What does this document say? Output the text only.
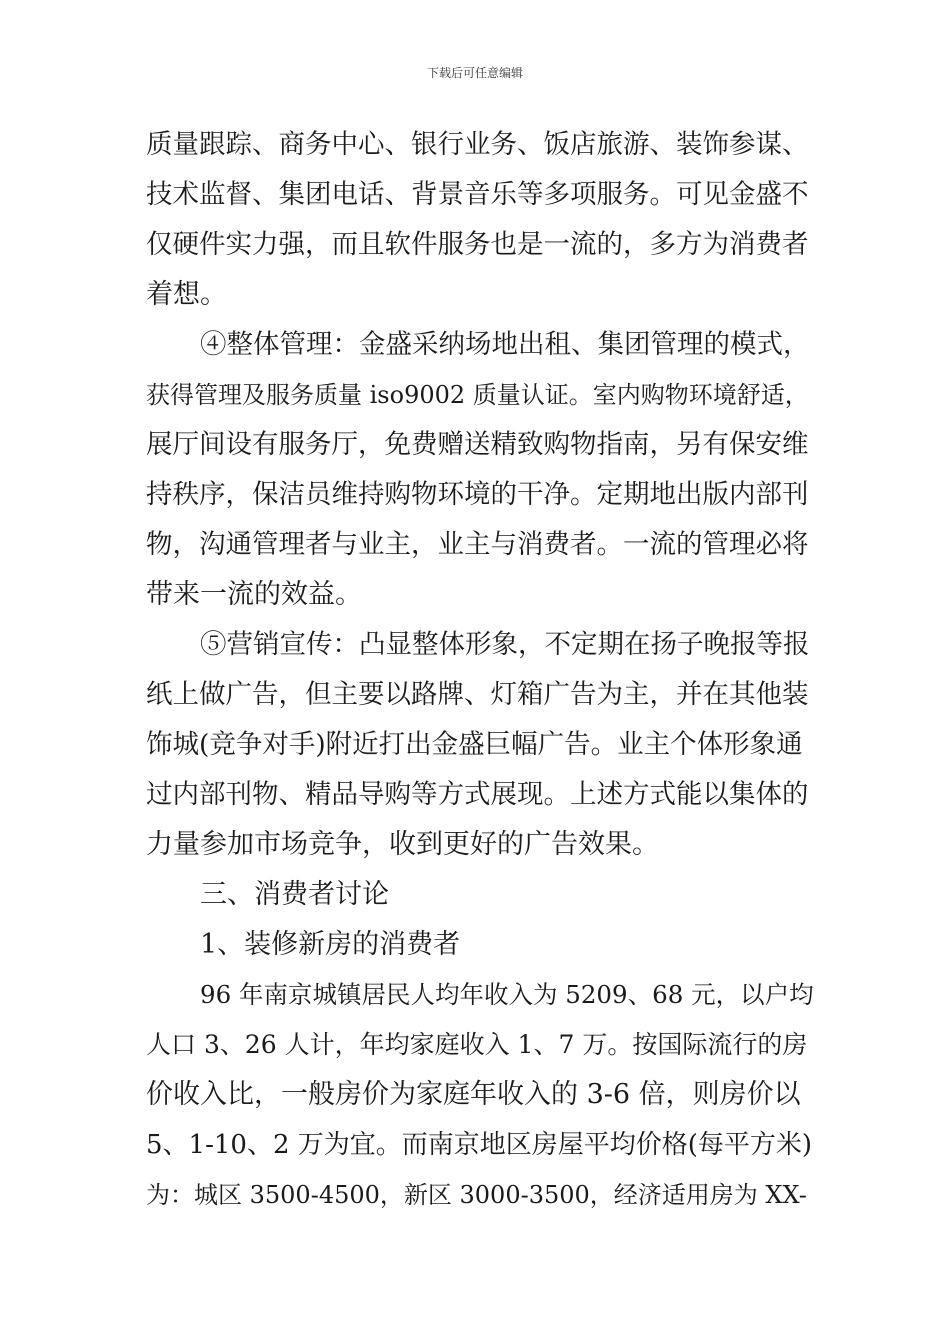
下载后可任意编辑
质量跟踪、商务中心、银行业务、饭店旅游、装饰参谋、
技术监督、集团电话、背景音乐等多项服务。可见金盛不
仅硬件实力强，而且软件服务也是一流的，多方为消费者
着想。
④整体管理：金盛采纳场地出租、集团管理的模式，
获得管理及服务质量 iso9002 质量认证。室内购物环境舒适，
展厅间设有服务厅，免费赠送精致购物指南，另有保安维
持秩序，保洁员维持购物环境的干净。定期地出版内部刊
物，沟通管理者与业主，业主与消费者。一流的管理必将
带来一流的效益。
⑤营销宣传：凸显整体形象，不定期在扬子晚报等报
纸上做广告，但主要以路牌、灯箱广告为主，并在其他装
饰城(竞争对手)附近打出金盛巨幅广告。业主个体形象通
过内部刊物、精品导购等方式展现。上述方式能以集体的
力量参加市场竞争，收到更好的广告效果。
三、消费者讨论
1、装修新房的消费者
96 年南京城镇居民人均年收入为 5209、68 元，以户均
人口 3、26 人计，年均家庭收入 1、7 万。按国际流行的房
价收入比，一般房价为家庭年收入的 3-6 倍，则房价以
5、1-10、2 万为宜。而南京地区房屋平均价格(每平方米)
为：城区 3500-4500，新区 3000-3500，经济适用房为 XX-
